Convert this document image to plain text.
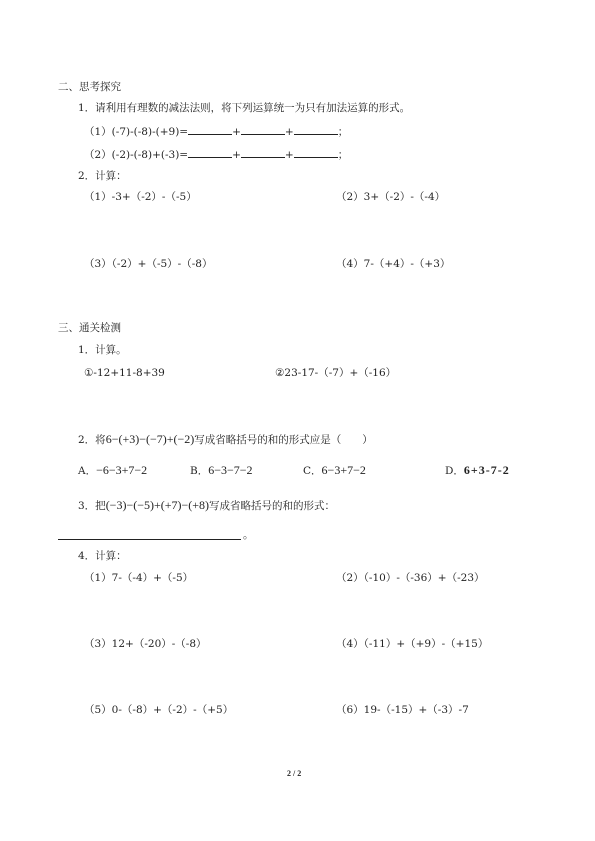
二、思考探究
1．请利用有理数的减法法则，将下列运算统一为只有加法运算的形式。
（1）(-7)-(-8)-(+9)=	+	+	；
（2）(-2)-(-8)+(-3)=	+	+	；
2．计算：
（1）-3+（-2）-（-5）	（2）3+（-2）-（-4）
（3）（-2）+（-5）-（-8）	（4）7-（+4）-（+3）
三、通关检测
1．计算。
①-12+11-8+39	②23-17-（-7）+（-16）
2．将6−(+3)−(−7)+(−2)写成省略括号的和的形式应是（　　）
A．−6−3+7−2	B．6−3−7−2	C．6−3+7−2	D．6+3-7-2
3．把(−3)−(−5)+(+7)−(+8)写成省略括号的和的形式：
。
4．计算：
（1）7-（-4）+（-5）	（2）（-10）-（-36）+（-23）
（3）12+（-20）-（-8）	（4）（-11）+（+9）-（+15）
（5）0-（-8）+（-2）-（+5）	（6）19-（-15）+（-3）-7
2 / 2
